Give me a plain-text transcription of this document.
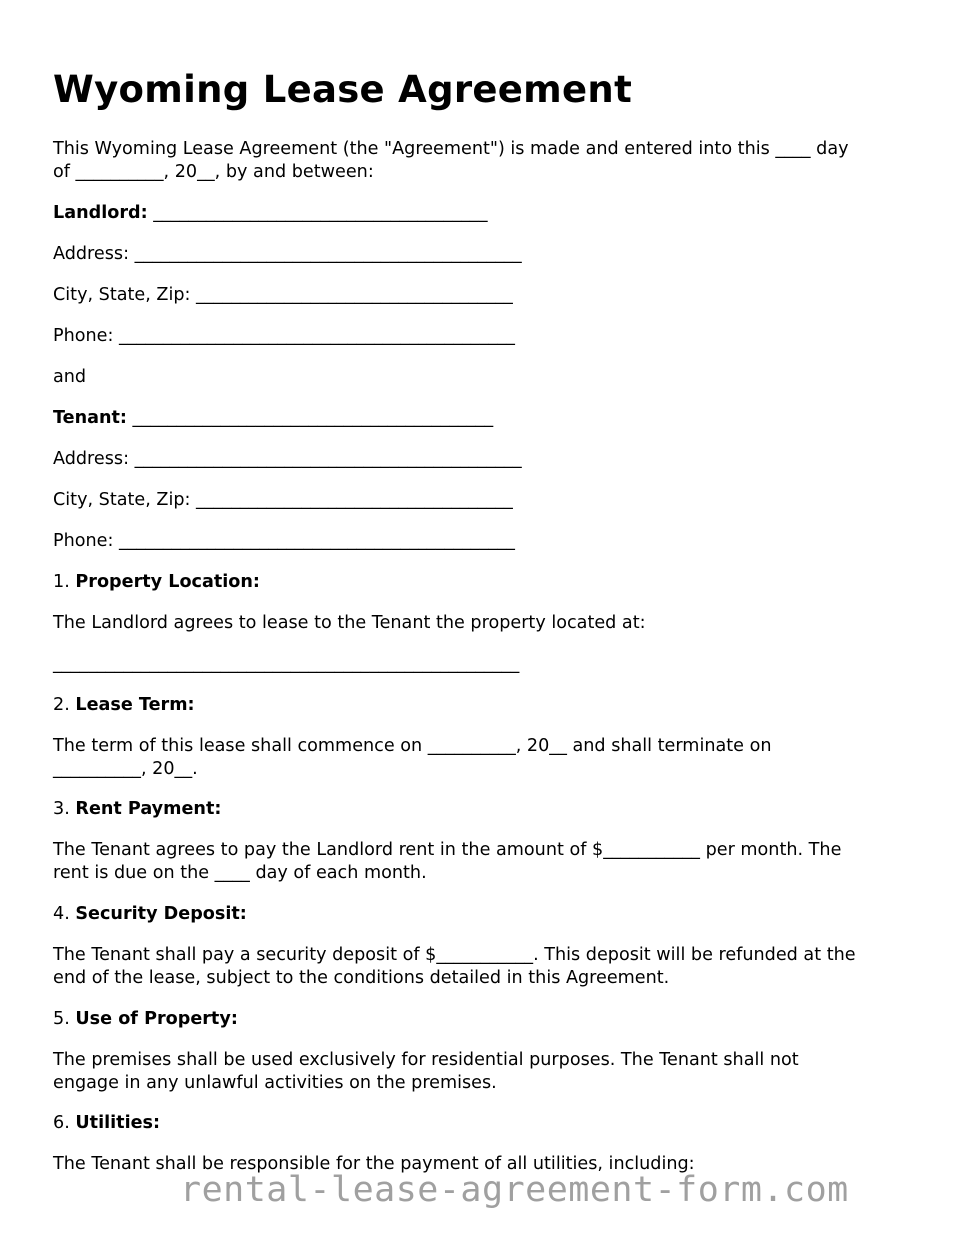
Wyoming Lease Agreement

This Wyoming Lease Agreement (the "Agreement") is made and entered into this ____ day

of __________, 20__, by and between:

Landlord: ______________________________________

Address: ____________________________________________

City, State, Zip: ____________________________________

Phone: _____________________________________________

and

Tenant: _________________________________________

Address: ____________________________________________

City, State, Zip: ____________________________________

Phone: _____________________________________________

1. Property Location:

The Landlord agrees to lease to the Tenant the property located at:

_____________________________________________________

2. Lease Term:

The term of this lease shall commence on __________, 20__ and shall terminate on

__________, 20__.

3. Rent Payment:

The Tenant agrees to pay the Landlord rent in the amount of $___________ per month. The

rent is due on the ____ day of each month.

4. Security Deposit:

The Tenant shall pay a security deposit of $___________. This deposit will be refunded at the

end of the lease, subject to the conditions detailed in this Agreement.

5. Use of Property:

The premises shall be used exclusively for residential purposes. The Tenant shall not

engage in any unlawful activities on the premises.

6. Utilities:

The Tenant shall be responsible for the payment of all utilities, including:

rental-lease-agreement-form.com
